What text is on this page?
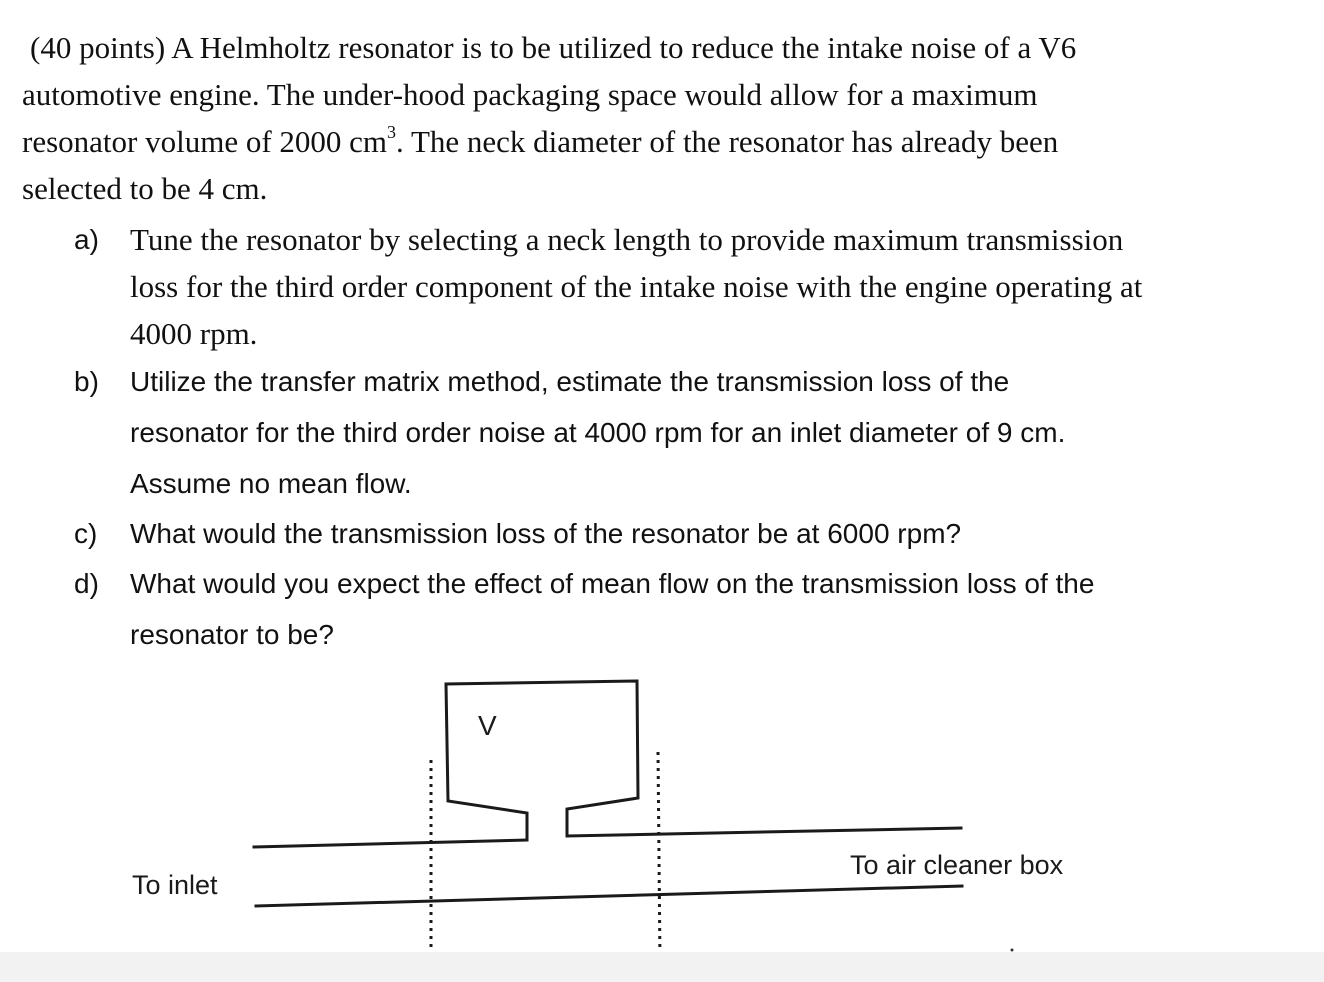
(40 points) A Helmholtz resonator is to be utilized to reduce the intake noise of a V6
automotive engine. The under-hood packaging space would allow for a maximum
resonator volume of 2000 $cm^3$. The neck diameter of the resonator has already been
selected to be 4 cm.
a)	Tune the resonator by selecting a neck length to provide maximum transmission
loss for the third order component of the intake noise with the engine operating at
4000 rpm.
b)	Utilize the transfer matrix method, estimate the transmission loss of the
resonator for the third order noise at 4000 rpm for an inlet diameter of 9 cm.
Assume no mean flow.
c)	What would the transmission loss of the resonator be at 6000 rpm?
d)	What would you expect the effect of mean flow on the transmission loss of the
resonator to be?
V
To inlet
To air cleaner box
